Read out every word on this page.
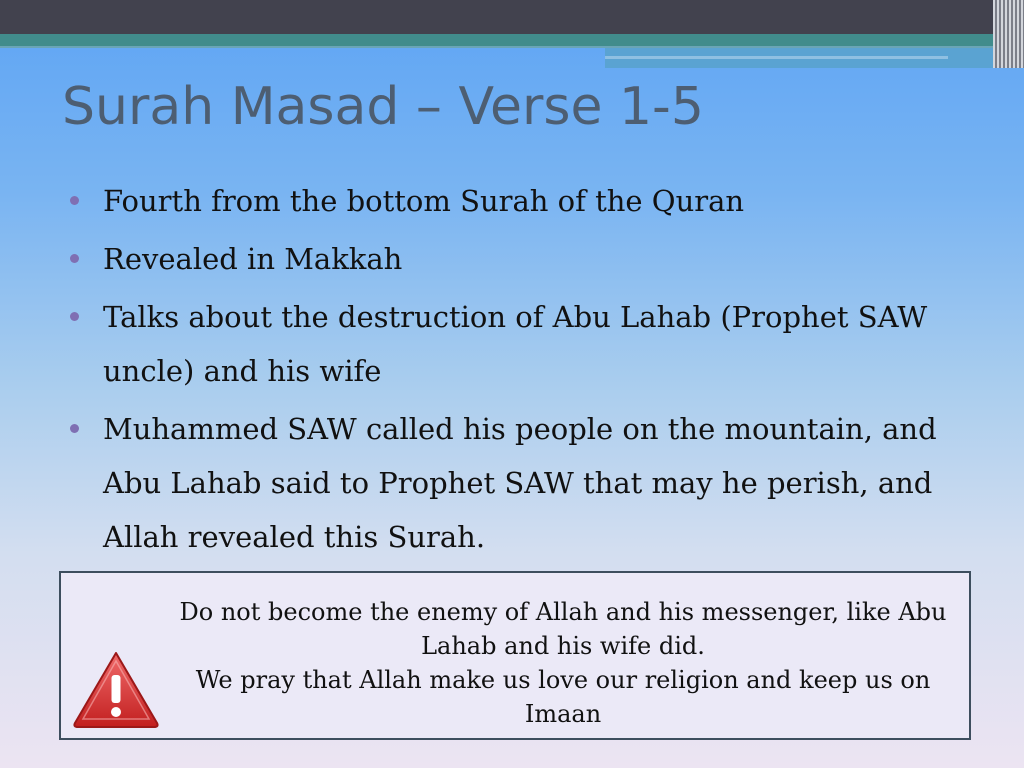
Surah Masad – Verse 1-5
Fourth from the bottom Surah of the Quran
Revealed in Makkah
Talks about the destruction of Abu Lahab (Prophet SAW uncle) and his wife
Muhammed SAW called his people on the mountain, and Abu Lahab said to Prophet SAW that may he perish, and Allah revealed this Surah.
Do not become the enemy of Allah and his messenger, like Abu Lahab and his wife did.
We pray that Allah make us love our religion and keep us on Imaan
